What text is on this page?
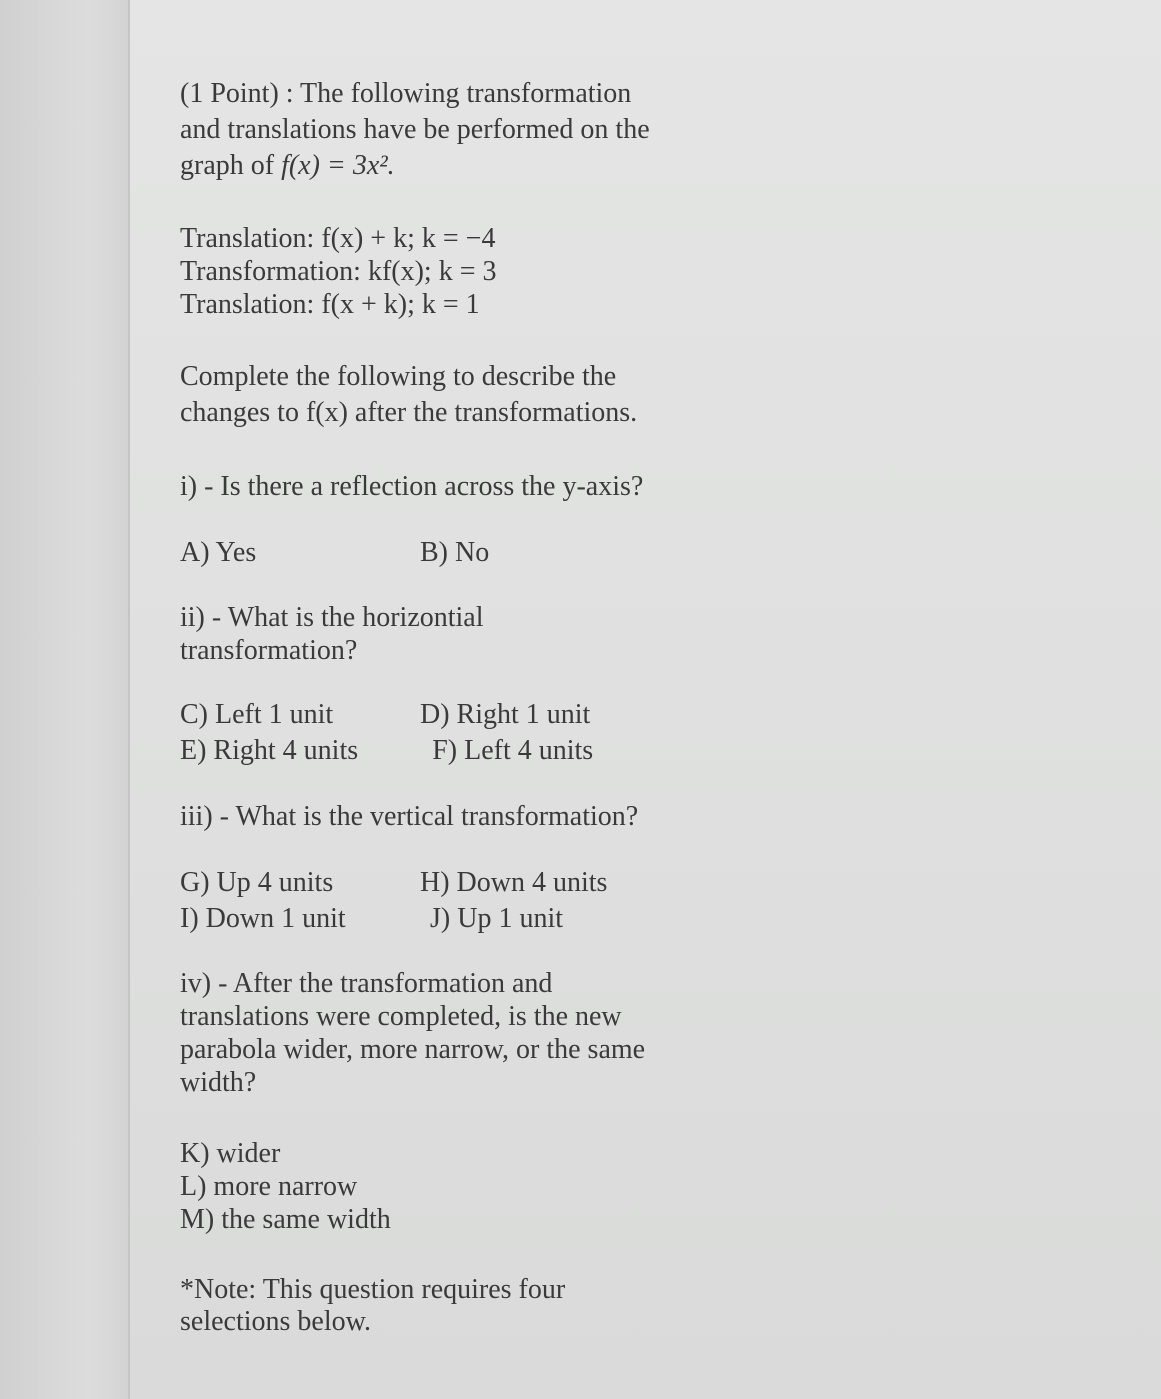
(1 Point) : The following transformation

and translations have be performed on the

graph of f(x) = 3x².

Translation: f(x) + k; k = −4

Transformation: kf(x); k = 3

Translation: f(x + k); k = 1

Complete the following to describe the

changes to f(x) after the transformations.

i) - Is there a reflection across the y-axis?

A) Yes	B) No

ii) - What is the horizontial

transformation?

C) Left 1 unit	D) Right 1 unit
E) Right 4 units	F) Left 4 units

iii) - What is the vertical transformation?

G) Up 4 units	H) Down 4 units
I) Down 1 unit	J) Up 1 unit

iv) - After the transformation and

translations were completed, is the new

parabola wider, more narrow, or the same

width?

K) wider

L) more narrow

M) the same width

*Note: This question requires four

selections below.
